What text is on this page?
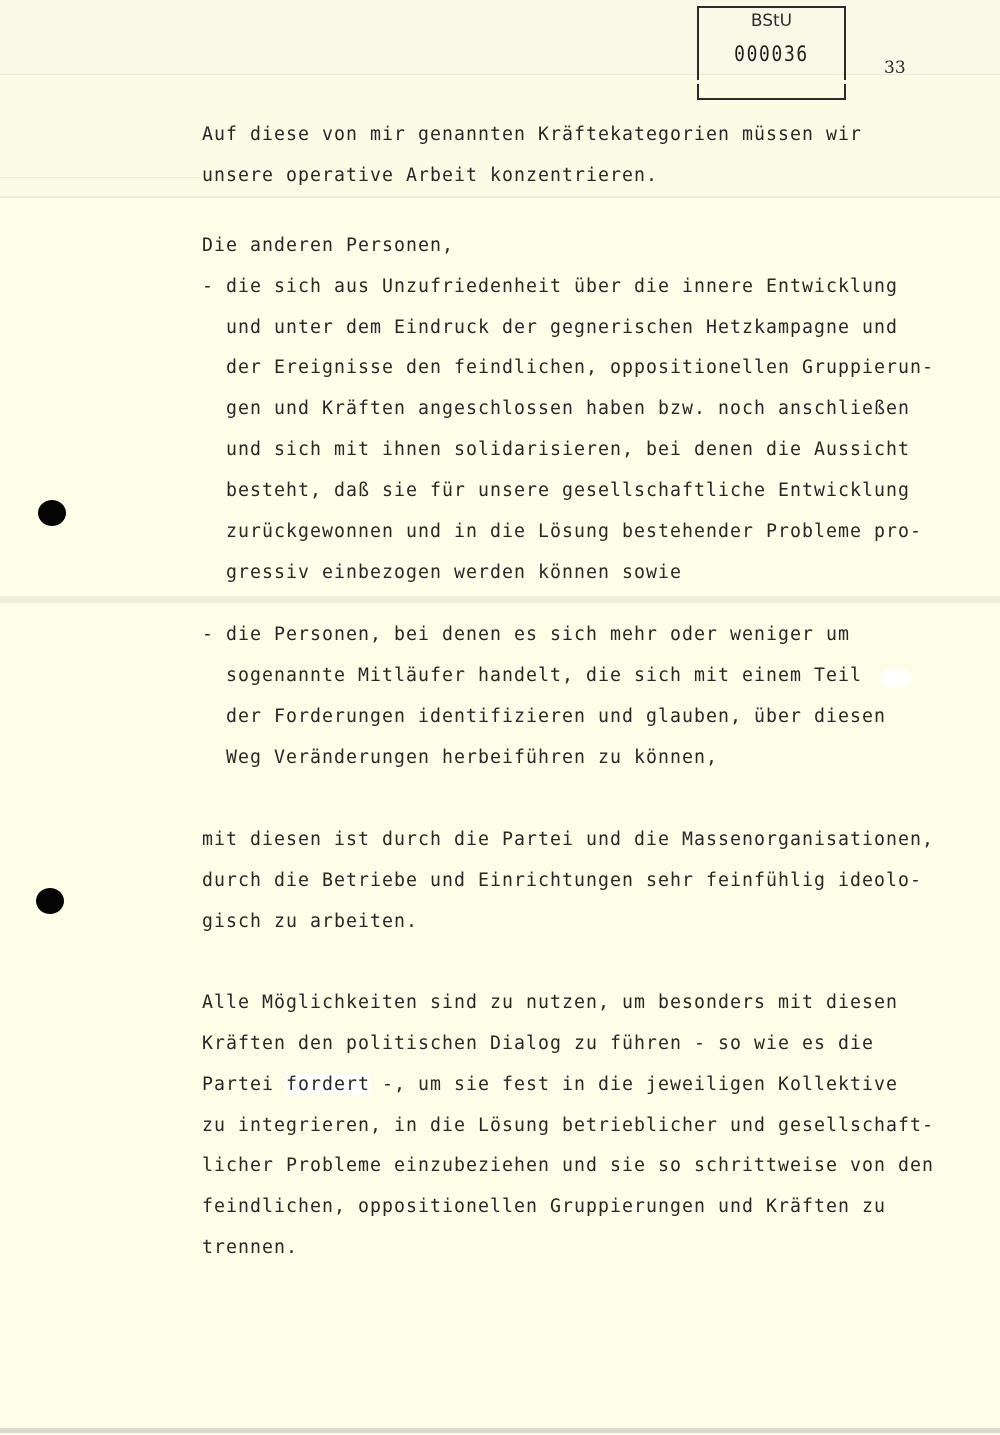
BStU
000036
33
Auf diese von mir genannten Kräftekategorien müssen wir
unsere operative Arbeit konzentrieren.
Die anderen Personen,
- die sich aus Unzufriedenheit über die innere Entwicklung
und unter dem Eindruck der gegnerischen Hetzkampagne und
der Ereignisse den feindlichen, oppositionellen Gruppierun-
gen und Kräften angeschlossen haben bzw. noch anschließen
und sich mit ihnen solidarisieren, bei denen die Aussicht
besteht, daß sie für unsere gesellschaftliche Entwicklung
zurückgewonnen und in die Lösung bestehender Probleme pro-
gressiv einbezogen werden können sowie
- die Personen, bei denen es sich mehr oder weniger um
sogenannte Mitläufer handelt, die sich mit einem Teil
der Forderungen identifizieren und glauben, über diesen
Weg Veränderungen herbeiführen zu können,
mit diesen ist durch die Partei und die Massenorganisationen,
durch die Betriebe und Einrichtungen sehr feinfühlig ideolo-
gisch zu arbeiten.
Alle Möglichkeiten sind zu nutzen, um besonders mit diesen
Kräften den politischen Dialog zu führen - so wie es die
Partei fordert -, um sie fest in die jeweiligen Kollektive
zu integrieren, in die Lösung betrieblicher und gesellschaft-
licher Probleme einzubeziehen und sie so schrittweise von den
feindlichen, oppositionellen Gruppierungen und Kräften zu
trennen.
